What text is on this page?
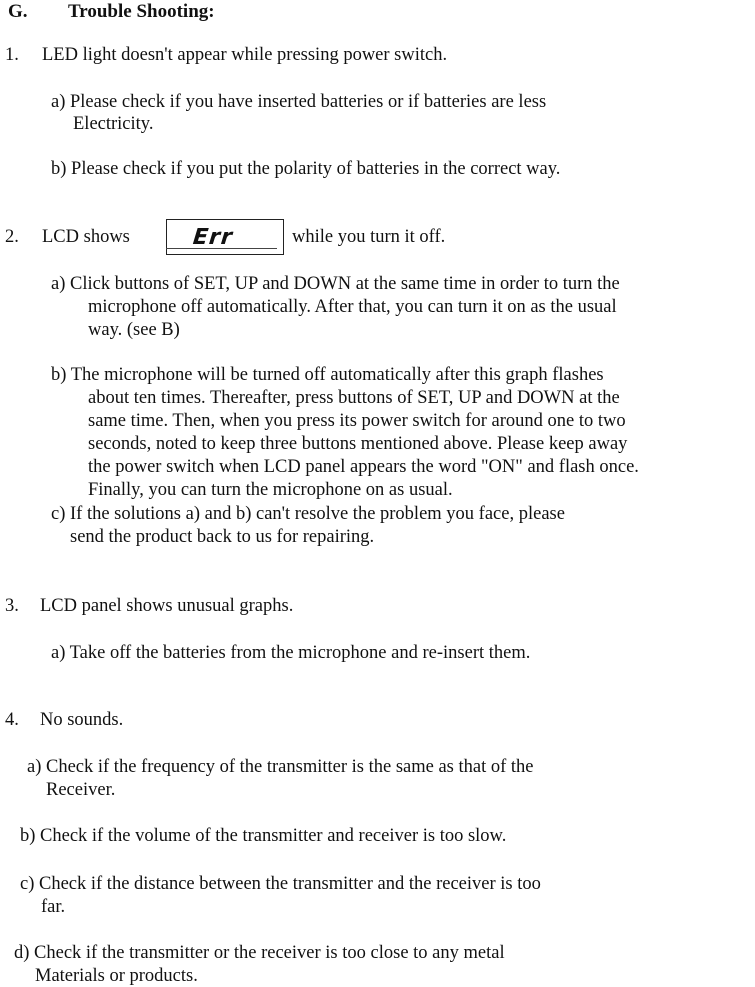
G. Trouble Shooting:
1. LED light doesn't appear while pressing power switch.
a) Please check if you have inserted batteries or if batteries are less
Electricity.
b) Please check if you put the polarity of batteries in the correct way.
2. LCD shows	Err	while you turn it off.
a) Click buttons of SET, UP and DOWN at the same time in order to turn the
microphone off automatically. After that, you can turn it on as the usual
way. (see B)
b) The microphone will be turned off automatically after this graph flashes
about ten times. Thereafter, press buttons of SET, UP and DOWN at the
same time. Then, when you press its power switch for around one to two
seconds, noted to keep three buttons mentioned above. Please keep away
the power switch when LCD panel appears the word "ON" and flash once.
Finally, you can turn the microphone on as usual.
c) If the solutions a) and b) can't resolve the problem you face, please
send the product back to us for repairing.
3. LCD panel shows unusual graphs.
a) Take off the batteries from the microphone and re-insert them.
4. No sounds.
a) Check if the frequency of the transmitter is the same as that of the
Receiver.
b) Check if the volume of the transmitter and receiver is too slow.
c) Check if the distance between the transmitter and the receiver is too
far.
d) Check if the transmitter or the receiver is too close to any metal
Materials or products.
